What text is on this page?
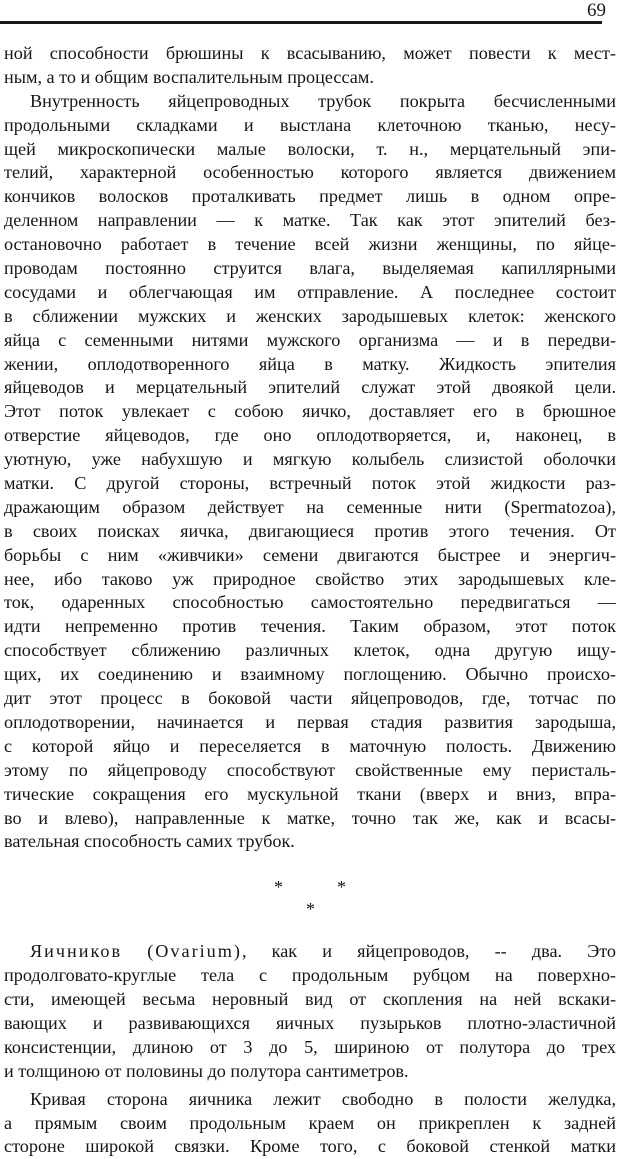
69
ной способности брюшины к всасыванию, может повести к мест-
ным, а то и общим воспалительным процессам.
Внутренность яйцепроводных трубок покрыта бесчисленными
продольными складками и выстлана клеточною тканью, несу-
щей микроскопически малые волоски, т. н., мерцательный эпи-
телий, характерной особенностью которого является движением
кончиков волосков проталкивать предмет лишь в одном опре-
деленном направлении — к матке. Так как этот эпителий без-
остановочно работает в течение всей жизни женщины, по яйце-
проводам постоянно струится влага, выделяемая капиллярными
сосудами и облегчающая им отправление. А последнее состоит
в сближении мужских и женских зародышевых клеток: женского
яйца с семенными нитями мужского организма — и в передви-
жении, оплодотворенного яйца в матку. Жидкость эпителия
яйцеводов и мерцательный эпителий служат этой двоякой цели.
Этот поток увлекает с собою яичко, доставляет его в брюшное
отверстие яйцеводов, где оно оплодотворяется, и, наконец, в
уютную, уже набухшую и мягкую колыбель слизистой оболочки
матки. С другой стороны, встречный поток этой жидкости раз-
дражающим образом действует на семенные нити (Spermatozoa),
в своих поисках яичка, двигающиеся против этого течения. От
борьбы с ним «живчики» семени двигаются быстрее и энергич-
нее, ибо таково уж природное свойство этих зародышевых кле-
ток, одаренных способностью самостоятельно передвигаться —
идти непременно против течения. Таким образом, этот поток
способствует сближению различных клеток, одна другую ищу-
щих, их соединению и взаимному поглощению. Обычно происхо-
дит этот процесс в боковой части яйцепроводов, где, тотчас по
оплодотворении, начинается и первая стадия развития зародыша,
с которой яйцо и переселяется в маточную полость. Движению
этому по яйцепроводу способствуют свойственные ему перисталь-
тические сокращения его мускульной ткани (вверх и вниз, впра-
во и влево), направленные к матке, точно так же, как и всасы-
вательная способность самих трубок.
*	*
*
Яичников (Ovarium), как и яйцепроводов, -- два. Это
продолговато-круглые тела с продольным рубцом на поверхно-
сти, имеющей весьма неровный вид от скопления на ней вскаки-
вающих и развивающихся яичных пузырьков плотно-эластичной
консистенции, длиною от 3 до 5, шириною от полутора до трех
и толщиною от половины до полутора сантиметров.
Кривая сторона яичника лежит свободно в полости желудка,
а прямым своим продольным краем он прикреплен к задней
стороне широкой связки. Кроме того, с боковой стенкой матки
